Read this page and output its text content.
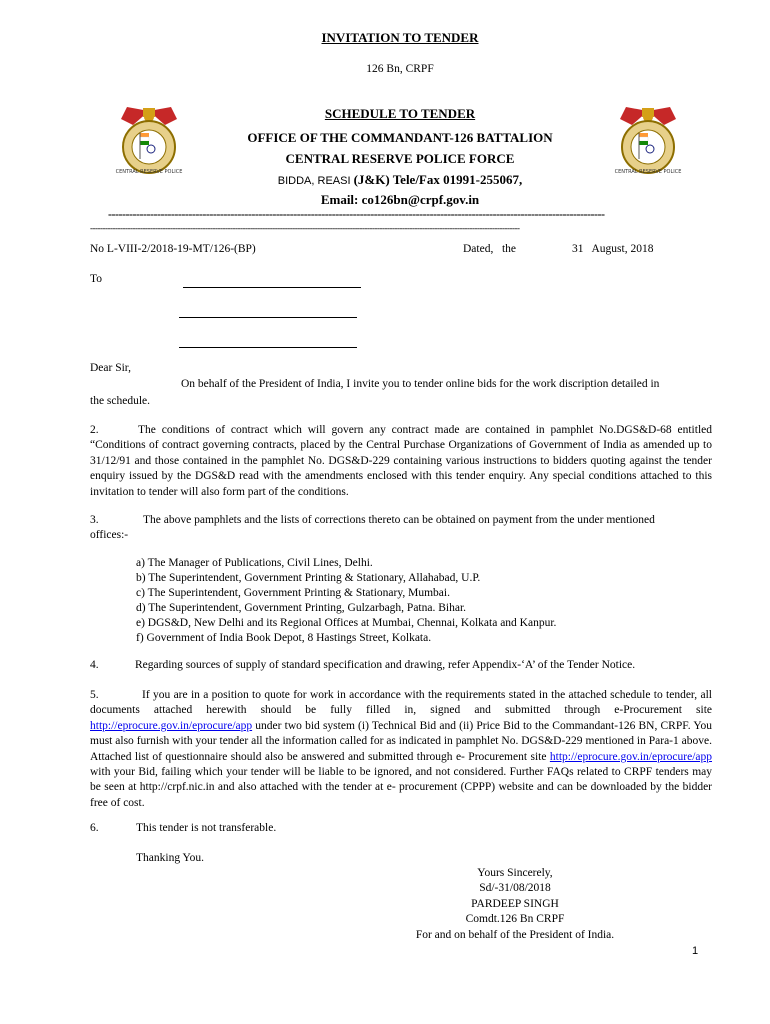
INVITATION TO TENDER
126 Bn, CRPF
CENTRAL RESERVE POLICE	CENTRAL RESERVE POLICE
SCHEDULE TO TENDER
OFFICE OF THE COMMANDANT-126 BATTALION
CENTRAL RESERVE POLICE FORCE
BIDDA, REASI (J&K) Tele/Fax 01991-255067,
Email: co126bn@crpf.gov.in
----------------------------------------------------------------------------------------------------------------------------------------------
----------------------------------------------------------------------------------------------------------------------------------------------------------------------------
No L-VIII-2/2018-19-MT/126-(BP)	Dated,   the	31   August, 2018
To
Dear Sir,
On behalf of the President of India, I invite you to tender online bids for the work discription detailed in
the schedule.
2.	The conditions of contract which will govern any contract made are contained in pamphlet No.DGS&D-68 entitled “Conditions of contract governing contracts, placed by the Central Purchase Organizations of Government of India as amended up to 31/12/91 and those contained in the pamphlet No. DGS&D-229 containing various instructions to bidders quoting against the tender enquiry issued by the DGS&D read with the amendments enclosed with this tender enquiry. Any special conditions attached to this invitation to tender will also form part of the conditions.
3.	The above pamphlets and the lists of corrections thereto can be obtained on payment from the under mentioned
offices:-
a) The Manager of Publications, Civil Lines, Delhi.
b) The Superintendent, Government Printing & Stationary, Allahabad, U.P.
c) The Superintendent, Government Printing & Stationary, Mumbai.
d) The Superintendent, Government Printing, Gulzarbagh, Patna. Bihar.
e) DGS&D, New Delhi and its Regional Offices at Mumbai, Chennai, Kolkata and Kanpur.
f) Government of India Book Depot, 8 Hastings Street, Kolkata.
4.	Regarding sources of supply of standard specification and drawing, refer Appendix-‘A’ of the Tender Notice.
5.	If you are in a position to quote for work in accordance with the requirements stated in the attached schedule to tender, all documents attached herewith should be fully filled in, signed and submitted through e-Procurement site http://eprocure.gov.in/eprocure/app under two bid system (i) Technical Bid and (ii) Price Bid to the Commandant-126 BN, CRPF. You must also furnish with your tender all the information called for as indicated in pamphlet No. DGS&D-229 mentioned in Para-1 above. Attached list of questionnaire should also be answered and submitted through e- Procurement site http://eprocure.gov.in/eprocure/app with your Bid, failing which your tender will be liable to be ignored, and not considered. Further FAQs related to CRPF tenders may be seen at http://crpf.nic.in and also attached with the tender at e- procurement (CPPP) website and can be downloaded by the bidder free of cost.
6.	This tender is not transferable.
Thanking You.
Yours Sincerely,
Sd/-31/08/2018
PARDEEP SINGH
Comdt.126 Bn CRPF
For and on behalf of the President of India.
1
